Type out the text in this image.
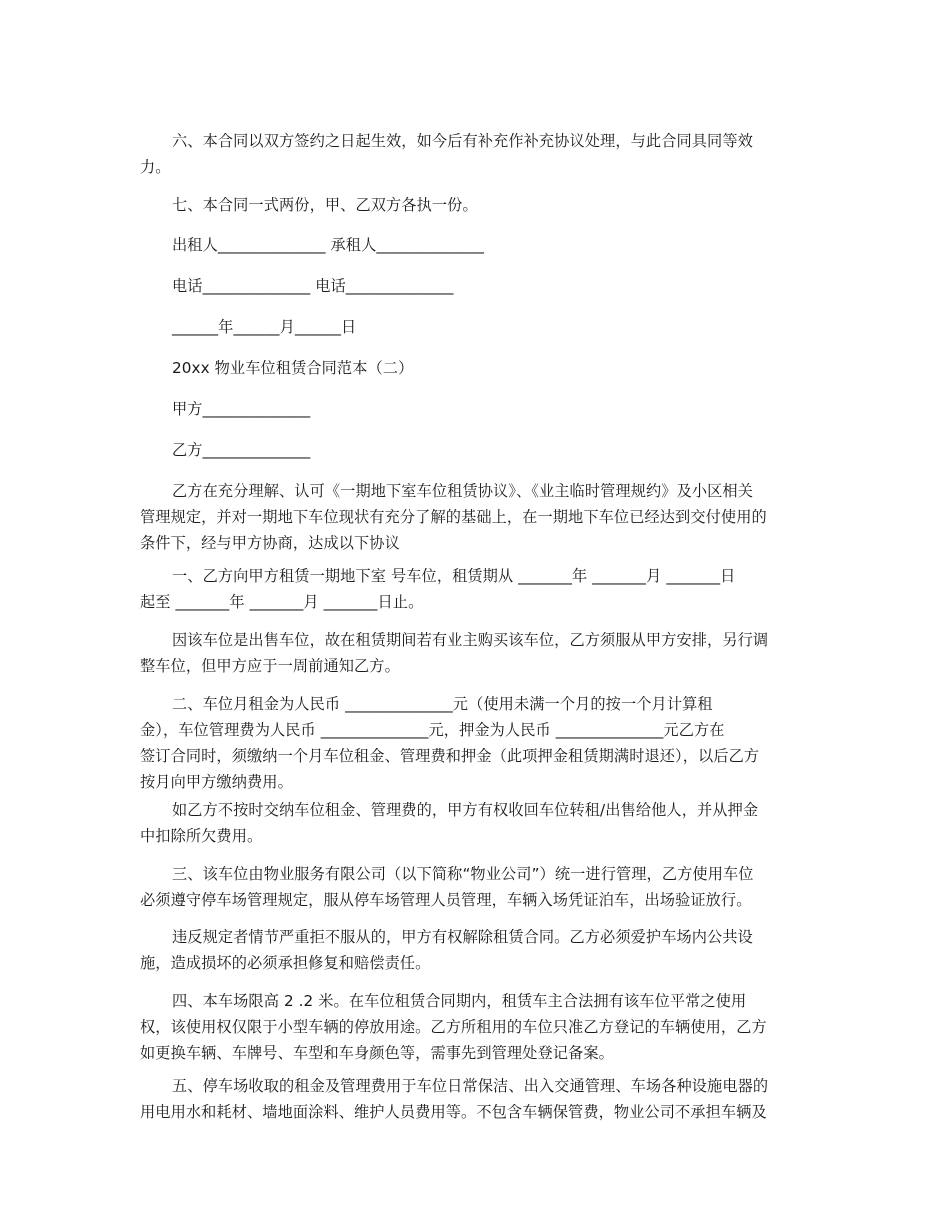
六、本合同以双方签约之日起生效，如今后有补充作补充协议处理，与此合同具同等效
力。
七、本合同一式两份，甲、乙双方各执一份。
出租人______________ 承租人______________
电话______________ 电话______________
______年______月______日
20xx 物业车位租赁合同范本（二）
甲方______________
乙方______________
乙方在充分理解、认可《一期地下室车位租赁协议》、《业主临时管理规约》及小区相关
管理规定，并对一期地下车位现状有充分了解的基础上，在一期地下车位已经达到交付使用的
条件下，经与甲方协商，达成以下协议
一、乙方向甲方租赁一期地下室 号车位，租赁期从 _______年 _______月 _______日
起至 _______年 _______月 _______日止。
因该车位是出售车位，故在租赁期间若有业主购买该车位，乙方须服从甲方安排，另行调
整车位，但甲方应于一周前通知乙方。
二、车位月租金为人民币 ______________元（使用未满一个月的按一个月计算租
金），车位管理费为人民币 ______________元，押金为人民币 ______________元乙方在
签订合同时，须缴纳一个月车位租金、管理费和押金（此项押金租赁期满时退还），以后乙方
按月向甲方缴纳费用。
如乙方不按时交纳车位租金、管理费的，甲方有权收回车位转租/出售给他人，并从押金
中扣除所欠费用。
三、该车位由物业服务有限公司（以下简称“物业公司”）统一进行管理，乙方使用车位
必须遵守停车场管理规定，服从停车场管理人员管理，车辆入场凭证泊车，出场验证放行。
违反规定者情节严重拒不服从的，甲方有权解除租赁合同。乙方必须爱护车场内公共设
施，造成损坏的必须承担修复和赔偿责任。
四、本车场限高 2 .2 米。在车位租赁合同期内，租赁车主合法拥有该车位平常之使用
权，该使用权仅限于小型车辆的停放用途。乙方所租用的车位只准乙方登记的车辆使用，乙方
如更换车辆、车牌号、车型和车身颜色等，需事先到管理处登记备案。
五、停车场收取的租金及管理费用于车位日常保洁、出入交通管理、车场各种设施电器的
用电用水和耗材、墙地面涂料、维护人员费用等。不包含车辆保管费，物业公司不承担车辆及
